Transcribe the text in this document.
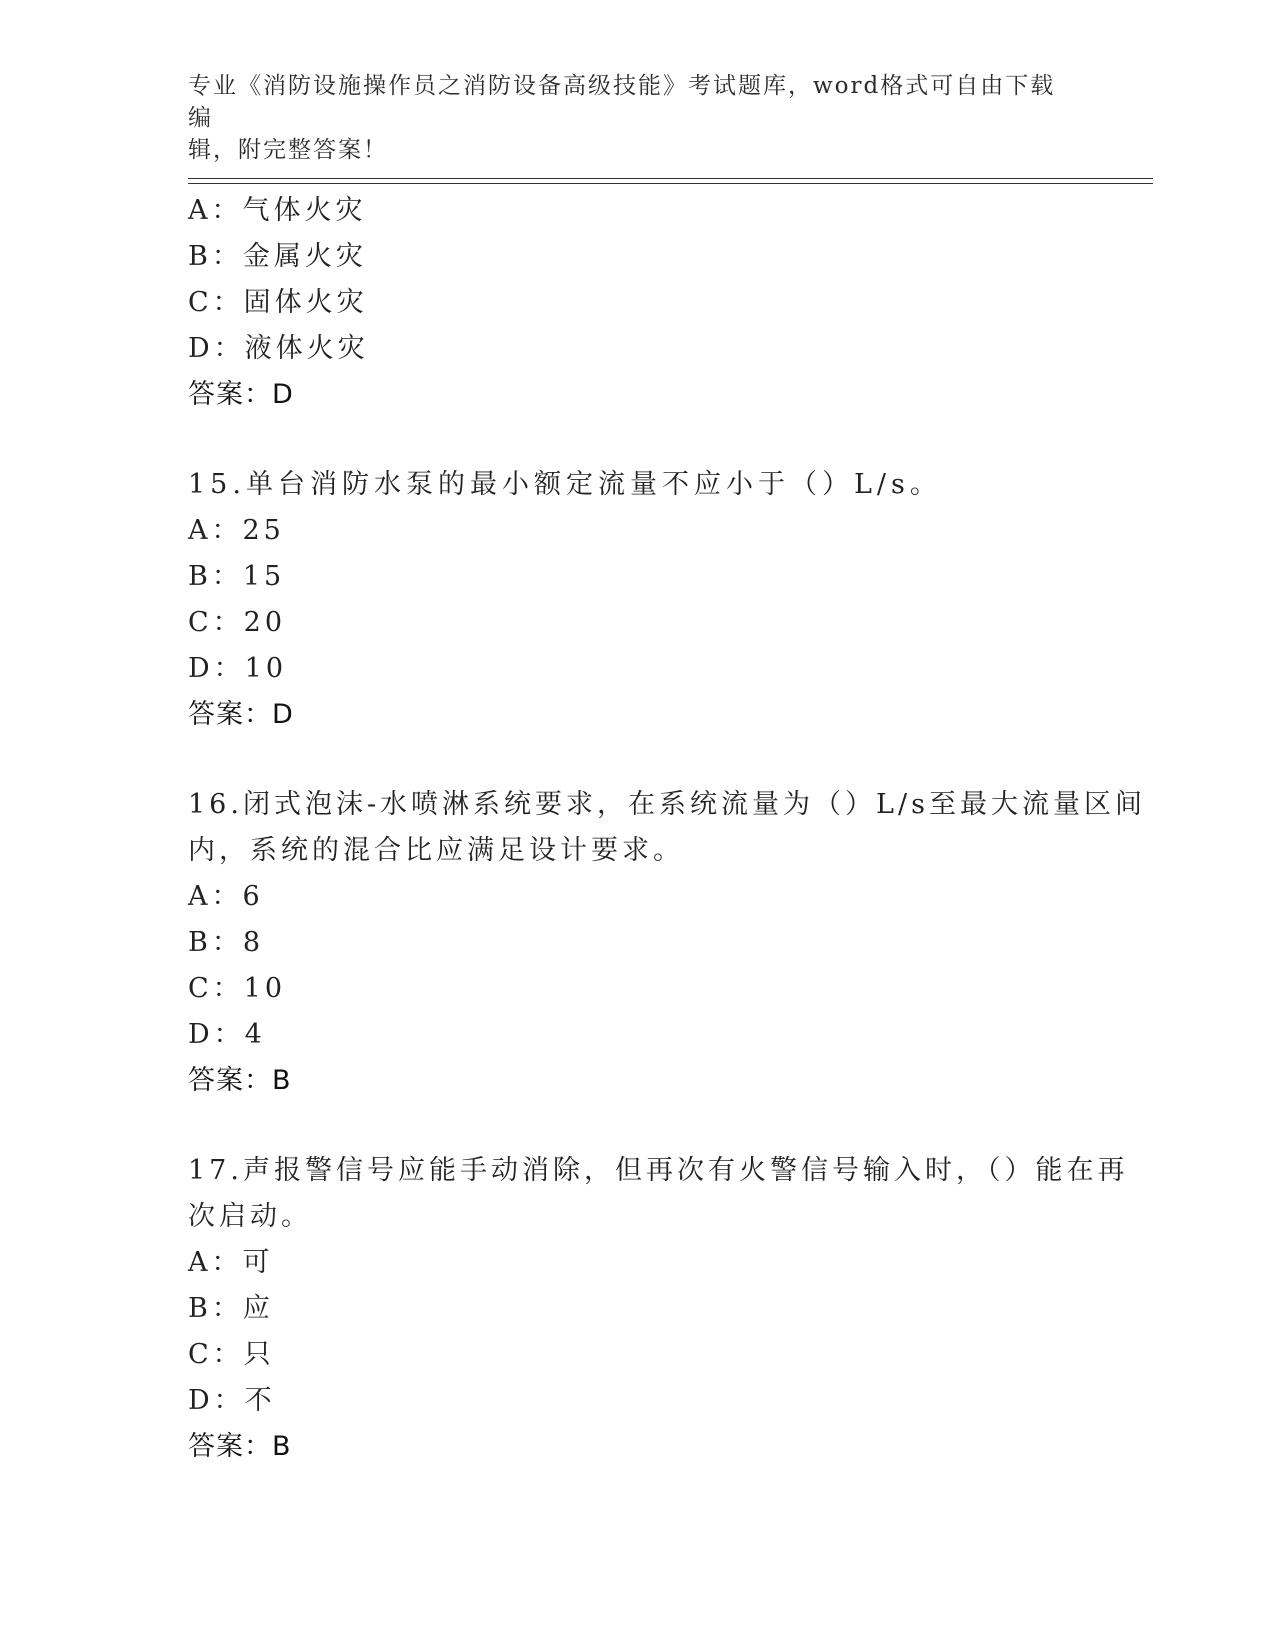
专业《消防设施操作员之消防设备高级技能》考试题库，word格式可自由下载编
辑，附完整答案！
A：气体火灾
B：金属火灾
C：固体火灾
D：液体火灾
答案：D
15.单台消防水泵的最小额定流量不应小于（）L/s。
A：25
B：15
C：20
D：10
答案：D
16.闭式泡沫-水喷淋系统要求，在系统流量为（）L/s至最大流量区间
内，系统的混合比应满足设计要求。
A：6
B：8
C：10
D：4
答案：B
17.声报警信号应能手动消除，但再次有火警信号输入时，（）能在再
次启动。
A：可
B：应
C：只
D：不
答案：B
